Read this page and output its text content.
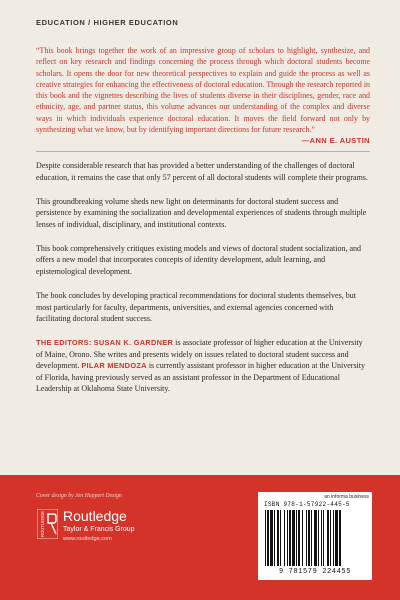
EDUCATION / HIGHER EDUCATION
“This book brings together the work of an impressive group of scholars to highlight, synthesize, and reflect on key research and findings concerning the process through which doctoral students become scholars. It opens the door for new theoretical perspectives to explain and guide the process as well as creative strategies for enhancing the effectiveness of doctoral education. Through the research reported in this book and the vignettes describing the lives of students diverse in their disciplines, gender, race and ethnicity, age, and partner status, this volume advances our understanding of the complex and diverse ways in which individuals experience doctoral education. It moves the field forward not only by synthesizing what we know, but by identifying important directions for future research.”
—ANN E. AUSTIN

Despite considerable research that has provided a better understanding of the challenges of doctoral education, it remains the case that only 57 percent of all doctoral students will complete their programs.

This groundbreaking volume sheds new light on determinants for doctoral student success and persistence by examining the socialization and developmental experiences of students through multiple lenses of individual, disciplinary, and institutional contexts.

This book comprehensively critiques existing models and views of doctoral student socialization, and offers a new model that incorporates concepts of identity development, adult learning, and epistemological development.

The book concludes by developing practical recommendations for doctoral students themselves, but most particularly for faculty, departments, universities, and external agencies concerned with facilitating doctoral student success.

THE EDITORS: SUSAN K. GARDNER is associate professor of higher education at the University of Maine, Orono. She writes and presents widely on issues related to doctoral student success and development. PILAR MENDOZA is currently assistant professor in higher education at the University of Florida, having previously served as an assistant professor in the Department of Educational Leadership at Oklahoma State University.

Cover design by Jen Huppert Design
ROUTLEDGE Routledge
Taylor & Francis Group
www.routledge.com
an informa business
ISBN 978-1-57922-445-5
9 781579 224455
